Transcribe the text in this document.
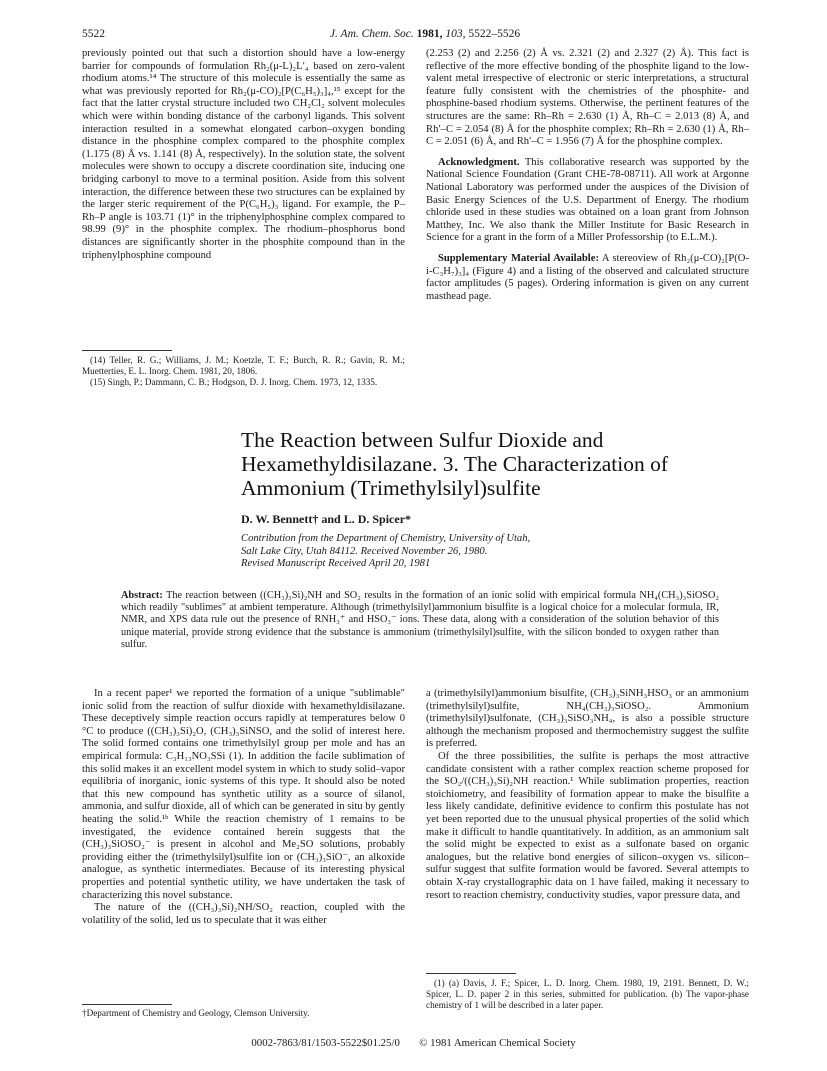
5522	J. Am. Chem. Soc. 1981, 103, 5522–5526

previously pointed out that such a distortion should have a low-energy barrier for compounds of formulation Rh₂(μ-L)₂L′₄ based on zero-valent rhodium atoms.¹⁴ The structure of this molecule is essentially the same as what was previously reported for Rh₂(μ-CO)₂[P(C₆H₅)₃]₄,¹⁵ except for the fact that the latter crystal structure included two CH₂Cl₂ solvent molecules which were within bonding distance of the carbonyl ligands. This solvent interaction resulted in a somewhat elongated carbon–oxygen bonding distance in the phosphine complex compared to the phosphite complex (1.175 (8) Å vs. 1.141 (8) Å, respectively). In the solution state, the solvent molecules were shown to occupy a discrete coordination site, inducing one bridging carbonyl to move to a terminal position. Aside from this solvent interaction, the difference between these two structures can be explained by the larger steric requirement of the P(C₆H₅)₃ ligand. For example, the P–Rh–P angle is 103.71 (1)° in the triphenylphosphine complex compared to 98.99 (9)° in the phosphite complex. The rhodium–phosphorus bond distances are significantly shorter in the phosphite compound than in the triphenylphosphine compound

(14) Teller, R. G.; Williams, J. M.; Koetzle, T. F.; Burch, R. R.; Gavin, R. M.; Muetterties, E. L. Inorg. Chem. 1981, 20, 1806.

(15) Singh, P.; Dammann, C. B.; Hodgson, D. J. Inorg. Chem. 1973, 12, 1335.

(2.253 (2) and 2.256 (2) Å vs. 2.321 (2) and 2.327 (2) Å). This fact is reflective of the more effective bonding of the phosphite ligand to the low-valent metal irrespective of electronic or steric interpretations, a structural feature fully consistent with the chemistries of the phosphite- and phosphine-based rhodium systems. Otherwise, the pertinent features of the structures are the same: Rh–Rh = 2.630 (1) Å, Rh–C = 2.013 (8) Å, and Rh′–C = 2.054 (8) Å for the phosphite complex; Rh–Rh = 2.630 (1) Å, Rh–C = 2.051 (6) Å, and Rh′–C = 1.956 (7) Å for the phosphine complex.

Acknowledgment. This collaborative research was supported by the National Science Foundation (Grant CHE-78-08711). All work at Argonne National Laboratory was performed under the auspices of the Division of Basic Energy Sciences of the U.S. Department of Energy. The rhodium chloride used in these studies was obtained on a loan grant from Johnson Matthey, Inc. We also thank the Miller Institute for Basic Research in Science for a grant in the form of a Miller Professorship (to E.L.M.).

Supplementary Material Available: A stereoview of Rh₂(μ-CO)₂[P(O-i-C₃H₇)₃]₄ (Figure 4) and a listing of the observed and calculated structure factor amplitudes (5 pages). Ordering information is given on any current masthead page.

The Reaction between Sulfur Dioxide and
Hexamethyldisilazane. 3. The Characterization of
Ammonium (Trimethylsilyl)sulfite
D. W. Bennett† and L. D. Spicer*
Contribution from the Department of Chemistry, University of Utah,
Salt Lake City, Utah 84112. Received November 26, 1980.
Revised Manuscript Received April 20, 1981
Abstract: The reaction between ((CH₃)₃Si)₂NH and SO₂ results in the formation of an ionic solid with empirical formula NH₄(CH₃)₃SiOSO₂ which readily "sublimes" at ambient temperature. Although (trimethylsilyl)ammonium bisulfite is a logical choice for a molecular formula, IR, NMR, and XPS data rule out the presence of RNH₃⁺ and HSO₃⁻ ions. These data, along with a consideration of the solution behavior of this unique material, provide strong evidence that the substance is ammonium (trimethylsilyl)sulfite, with the silicon bonded to oxygen rather than sulfur.

In a recent paper¹ we reported the formation of a unique "sublimable" ionic solid from the reaction of sulfur dioxide with hexamethyldisilazane. These deceptively simple reaction occurs rapidly at temperatures below 0 °C to produce ((CH₃)₃Si)₂O, (CH₃)₃SiNSO, and the solid of interest here. The solid formed contains one trimethylsilyl group per mole and has an empirical formula: C₃H₁₃NO₃SSi (1). In addition the facile sublimation of this solid makes it an excellent model system in which to study solid–vapor equilibria of inorganic, ionic systems of this type. It should also be noted that this new compound has synthetic utility as a source of silanol, ammonia, and sulfur dioxide, all of which can be generated in situ by gently heating the solid.¹ᵇ While the reaction chemistry of 1 remains to be investigated, the evidence contained herein suggests that the (CH₃)₃SiOSO₂⁻ is present in alcohol and Me₂SO solutions, probably providing either the (trimethylsilyl)sulfite ion or (CH₃)₃SiO⁻, an alkoxide analogue, as synthetic intermediates. Because of its interesting physical properties and potential synthetic utility, we have undertaken the task of characterizing this novel substance.

The nature of the ((CH₃)₃Si)₂NH/SO₂ reaction, coupled with the volatility of the solid, led us to speculate that it was either

†Department of Chemistry and Geology, Clemson University.

a (trimethylsilyl)ammonium bisulfite, (CH₃)₃SiNH₃HSO₃ or an ammonium (trimethylsilyl)sulfite, NH₄(CH₃)₃SiOSO₂. Ammonium (trimethylsilyl)sulfonate, (CH₃)₃SiSO₃NH₄, is also a possible structure although the mechanism proposed and thermochemistry suggest the sulfite is preferred.

Of the three possibilities, the sulfite is perhaps the most attractive candidate consistent with a rather complex reaction scheme proposed for the SO₂/((CH₃)₃Si)₂NH reaction.¹ While sublimation properties, reaction stoichiometry, and feasibility of formation appear to make the bisulfite a less likely candidate, definitive evidence to confirm this postulate has not yet been reported due to the unusual physical properties of the solid which make it difficult to handle quantitatively. In addition, as an ammonium salt the solid might be expected to exist as a sulfonate based on organic analogues, but the relative bond energies of silicon–oxygen vs. silicon–sulfur suggest that sulfite formation would be favored. Several attempts to obtain X-ray crystallographic data on 1 have failed, making it necessary to resort to reaction chemistry, conductivity studies, vapor pressure data, and

(1) (a) Davis, J. F.; Spicer, L. D. Inorg. Chem. 1980, 19, 2191. Bennett, D. W.; Spicer, L. D. paper 2 in this series, submitted for publication. (b) The vapor-phase chemistry of 1 will be described in a later paper.

0002-7863/81/1503-5522$01.25/0 © 1981 American Chemical Society
